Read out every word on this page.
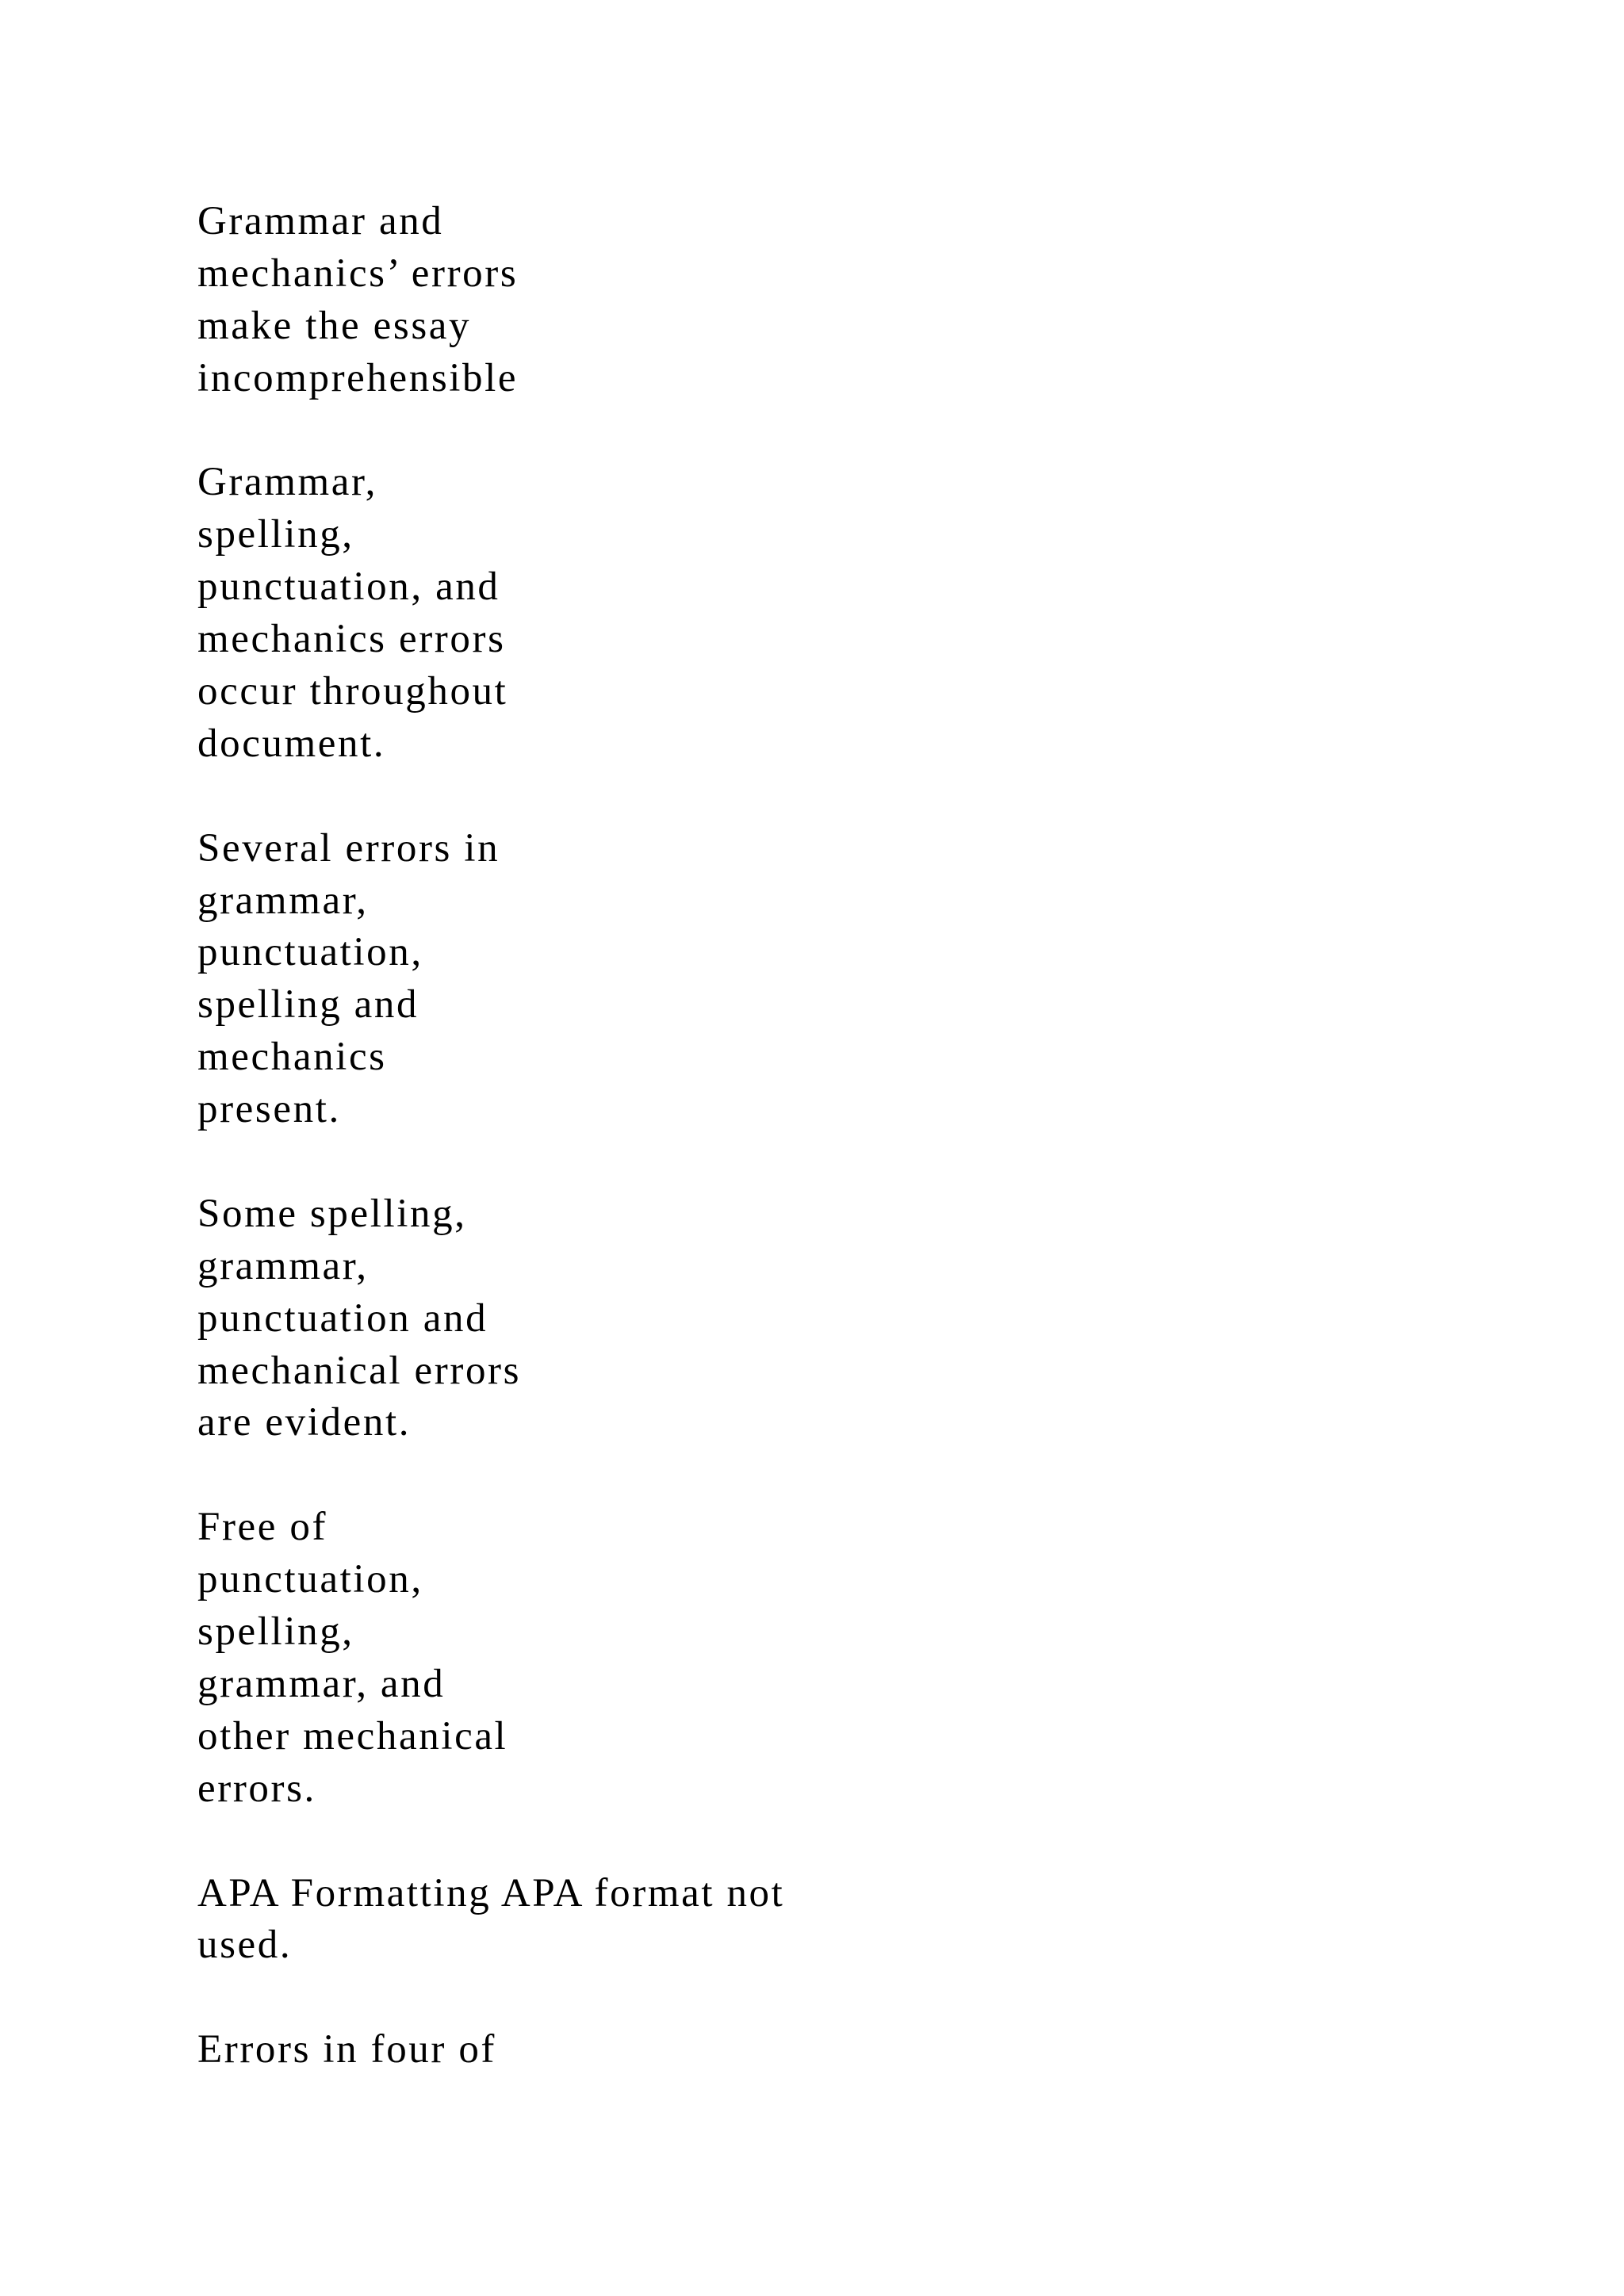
Grammar and
mechanics’ errors
make the essay
incomprehensible
Grammar,
spelling,
punctuation, and
mechanics errors
occur throughout
document.
Several errors in
grammar,
punctuation,
spelling and
mechanics
present.
Some spelling,
grammar,
punctuation and
mechanical errors
are evident.
Free of
punctuation,
spelling,
grammar, and
other mechanical
errors.
APA Formatting APA format not
used.
Errors in four of
